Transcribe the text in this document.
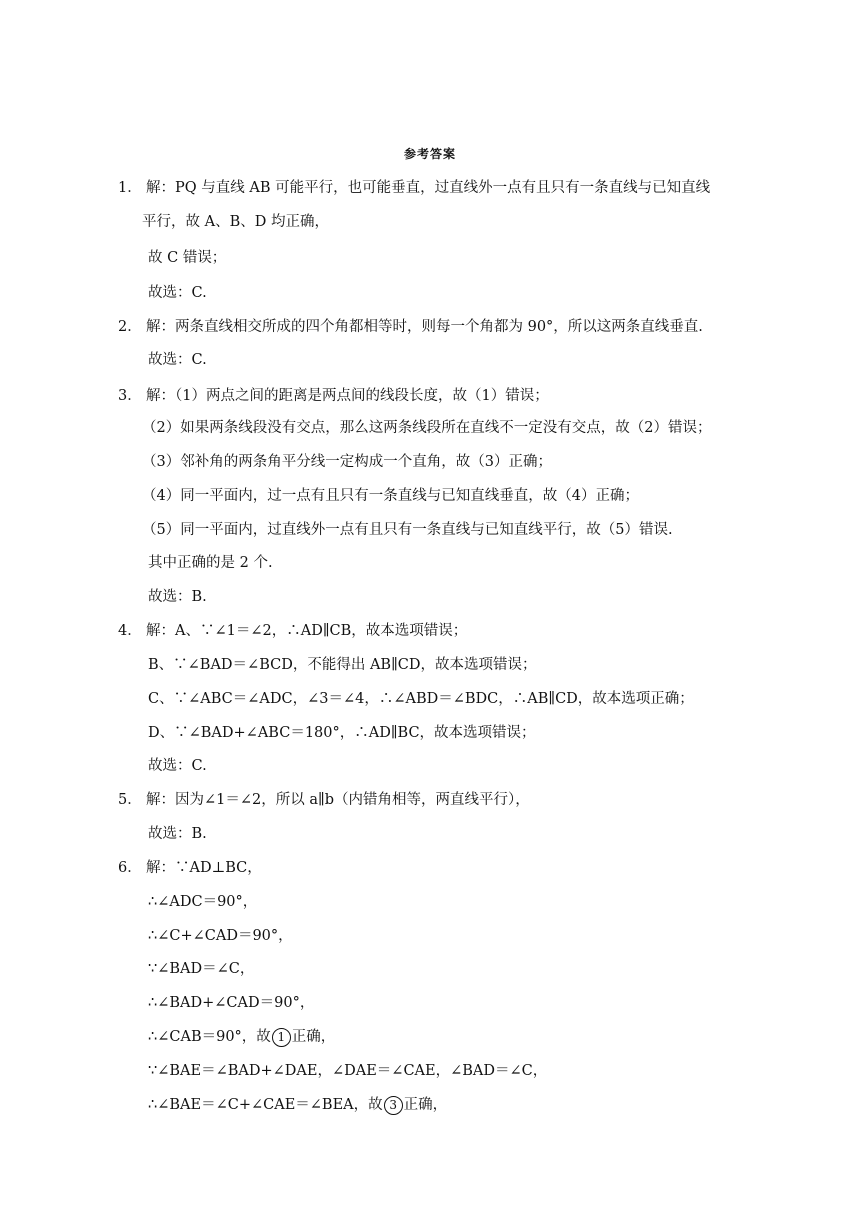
参考答案
1． 解：PQ 与直线 AB 可能平行，也可能垂直，过直线外一点有且只有一条直线与已知直线
平行，故 A、B、D 均正确，
故 C 错误；
故选：C.
2． 解：两条直线相交所成的四个角都相等时，则每一个角都为 90°，所以这两条直线垂直.
故选：C.
3． 解：（1）两点之间的距离是两点间的线段长度，故（1）错误；
（2）如果两条线段没有交点，那么这两条线段所在直线不一定没有交点，故（2）错误；
（3）邻补角的两条角平分线一定构成一个直角，故（3）正确；
（4）同一平面内，过一点有且只有一条直线与已知直线垂直，故（4）正确；
（5）同一平面内，过直线外一点有且只有一条直线与已知直线平行，故（5）错误.
其中正确的是 2 个.
故选：B.
4． 解：A、∵∠1＝∠2，∴AD∥CB，故本选项错误；
B、∵∠BAD＝∠BCD，不能得出 AB∥CD，故本选项错误；
C、∵∠ABC＝∠ADC，∠3＝∠4，∴∠ABD＝∠BDC，∴AB∥CD，故本选项正确；
D、∵∠BAD+∠ABC＝180°，∴AD∥BC，故本选项错误；
故选：C.
5． 解：因为∠1＝∠2，所以 a∥b（内错角相等，两直线平行），
故选：B.
6． 解：∵AD⊥BC，
∴∠ADC＝90°，
∴∠C+∠CAD＝90°，
∵∠BAD＝∠C，
∴∠BAD+∠CAD＝90°，
∴∠CAB＝90°，故 1 正确，
∵∠BAE＝∠BAD+∠DAE，∠DAE＝∠CAE，∠BAD＝∠C，
∴∠BAE＝∠C+∠CAE＝∠BEA，故 3 正确，
